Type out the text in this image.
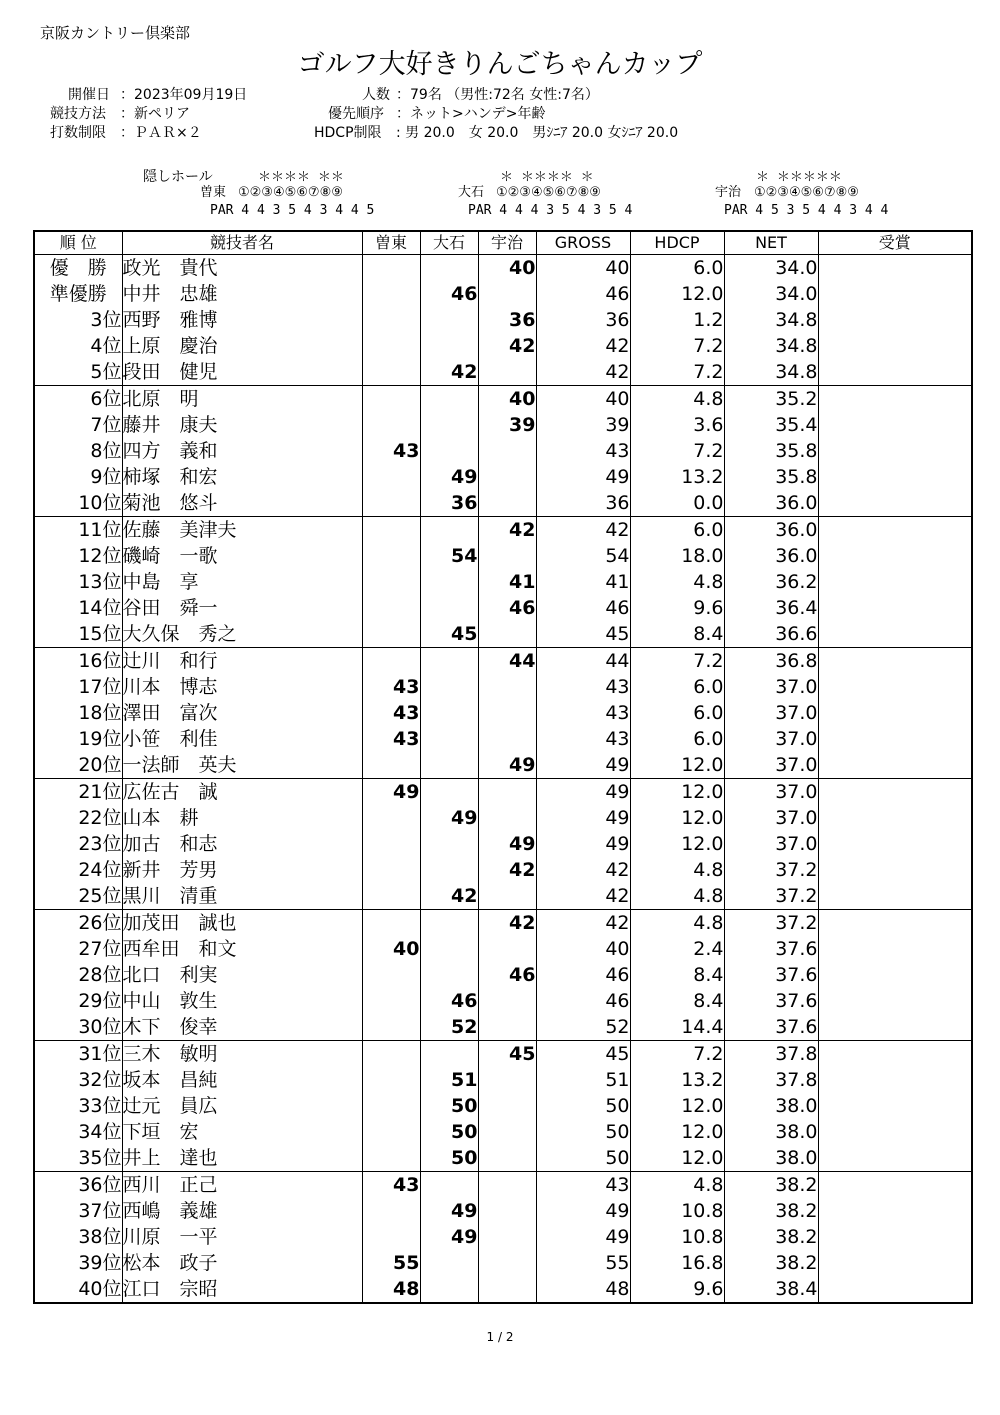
京阪カントリー倶楽部
ゴルフ大好きりんごちゃんカップ
開催日 ：2023年09月19日
競技方法 ：新ペリア
打数制限 ：ＰＡＲ×２
人数 ：79名 （男性:72名 女性:7名）
優先順序 ：ネット>ハンデ>年齢
HDCP制限 : 男 20.0　女 20.0　男ｼﾆｱ 20.0 女ｼﾆｱ 20.0
隠しホール	＊＊＊＊ ＊＊
曽東 ①②③④⑤⑥⑦⑧⑨
PAR 4 4 3 5 4 3 4 4 5
＊ ＊＊＊＊ ＊
大石 ①②③④⑤⑥⑦⑧⑨
PAR 4 4 4 3 5 4 3 5 4
＊ ＊＊＊＊＊
宇治 ①②③④⑤⑥⑦⑧⑨
PAR 4 5 3 5 4 4 3 4 4
順 位	競技者名	曽東	大石	宇治	GROSS	HDCP	NET	受賞
優　勝	政光　貴代			40	40	6.0	34.0	
準優勝	中井　忠雄		46		46	12.0	34.0	
3位	西野　雅博			36	36	1.2	34.8	
4位	上原　慶治			42	42	7.2	34.8	
5位	段田　健児		42		42	7.2	34.8	
6位	北原　明			40	40	4.8	35.2	
7位	藤井　康夫			39	39	3.6	35.4	
8位	四方　義和	43			43	7.2	35.8	
9位	柿塚　和宏		49		49	13.2	35.8	
10位	菊池　悠斗		36		36	0.0	36.0	
11位	佐藤　美津夫			42	42	6.0	36.0	
12位	磯崎　一歌		54		54	18.0	36.0	
13位	中島　享			41	41	4.8	36.2	
14位	谷田　舜一			46	46	9.6	36.4	
15位	大久保　秀之		45		45	8.4	36.6	
16位	辻川　和行			44	44	7.2	36.8	
17位	川本　博志	43			43	6.0	37.0	
18位	澤田　富次	43			43	6.0	37.0	
19位	小笹　利佳	43			43	6.0	37.0	
20位	一法師　英夫			49	49	12.0	37.0	
21位	広佐古　誠	49			49	12.0	37.0	
22位	山本　耕		49		49	12.0	37.0	
23位	加古　和志			49	49	12.0	37.0	
24位	新井　芳男			42	42	4.8	37.2	
25位	黒川　清重		42		42	4.8	37.2	
26位	加茂田　誠也			42	42	4.8	37.2	
27位	西牟田　和文	40			40	2.4	37.6	
28位	北口　利実			46	46	8.4	37.6	
29位	中山　敦生		46		46	8.4	37.6	
30位	木下　俊幸		52		52	14.4	37.6	
31位	三木　敏明			45	45	7.2	37.8	
32位	坂本　昌純		51		51	13.2	37.8	
33位	辻元　員広		50		50	12.0	38.0	
34位	下垣　宏		50		50	12.0	38.0	
35位	井上　達也		50		50	12.0	38.0	
36位	西川　正己	43			43	4.8	38.2	
37位	西嶋　義雄		49		49	10.8	38.2	
38位	川原　一平		49		49	10.8	38.2	
39位	松本　政子	55			55	16.8	38.2	
40位	江口　宗昭	48			48	9.6	38.4	
1 / 2
